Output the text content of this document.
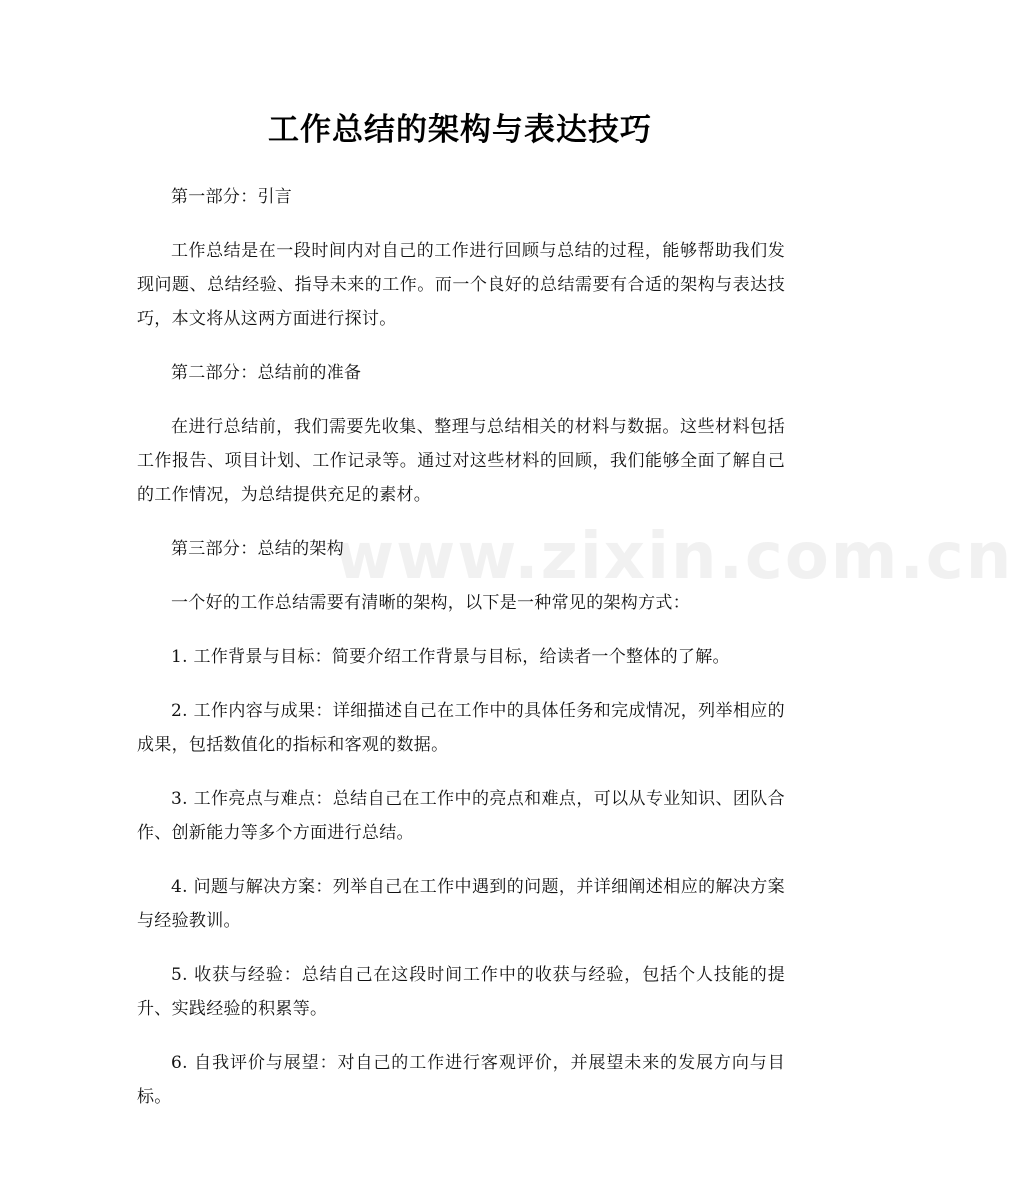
www.zixin.com.cn
工作总结的架构与表达技巧

第一部分：引言

工作总结是在一段时间内对自己的工作进行回顾与总结的过程，能够帮助我们发现问题、总结经验、指导未来的工作。而一个良好的总结需要有合适的架构与表达技巧，本文将从这两方面进行探讨。

第二部分：总结前的准备

在进行总结前，我们需要先收集、整理与总结相关的材料与数据。这些材料包括工作报告、项目计划、工作记录等。通过对这些材料的回顾，我们能够全面了解自己的工作情况，为总结提供充足的素材。

第三部分：总结的架构

一个好的工作总结需要有清晰的架构，以下是一种常见的架构方式：

1. 工作背景与目标：简要介绍工作背景与目标，给读者一个整体的了解。

2. 工作内容与成果：详细描述自己在工作中的具体任务和完成情况，列举相应的成果，包括数值化的指标和客观的数据。

3. 工作亮点与难点：总结自己在工作中的亮点和难点，可以从专业知识、团队合作、创新能力等多个方面进行总结。

4. 问题与解决方案：列举自己在工作中遇到的问题，并详细阐述相应的解决方案与经验教训。

5. 收获与经验：总结自己在这段时间工作中的收获与经验，包括个人技能的提升、实践经验的积累等。

6. 自我评价与展望：对自己的工作进行客观评价，并展望未来的发展方向与目标。
